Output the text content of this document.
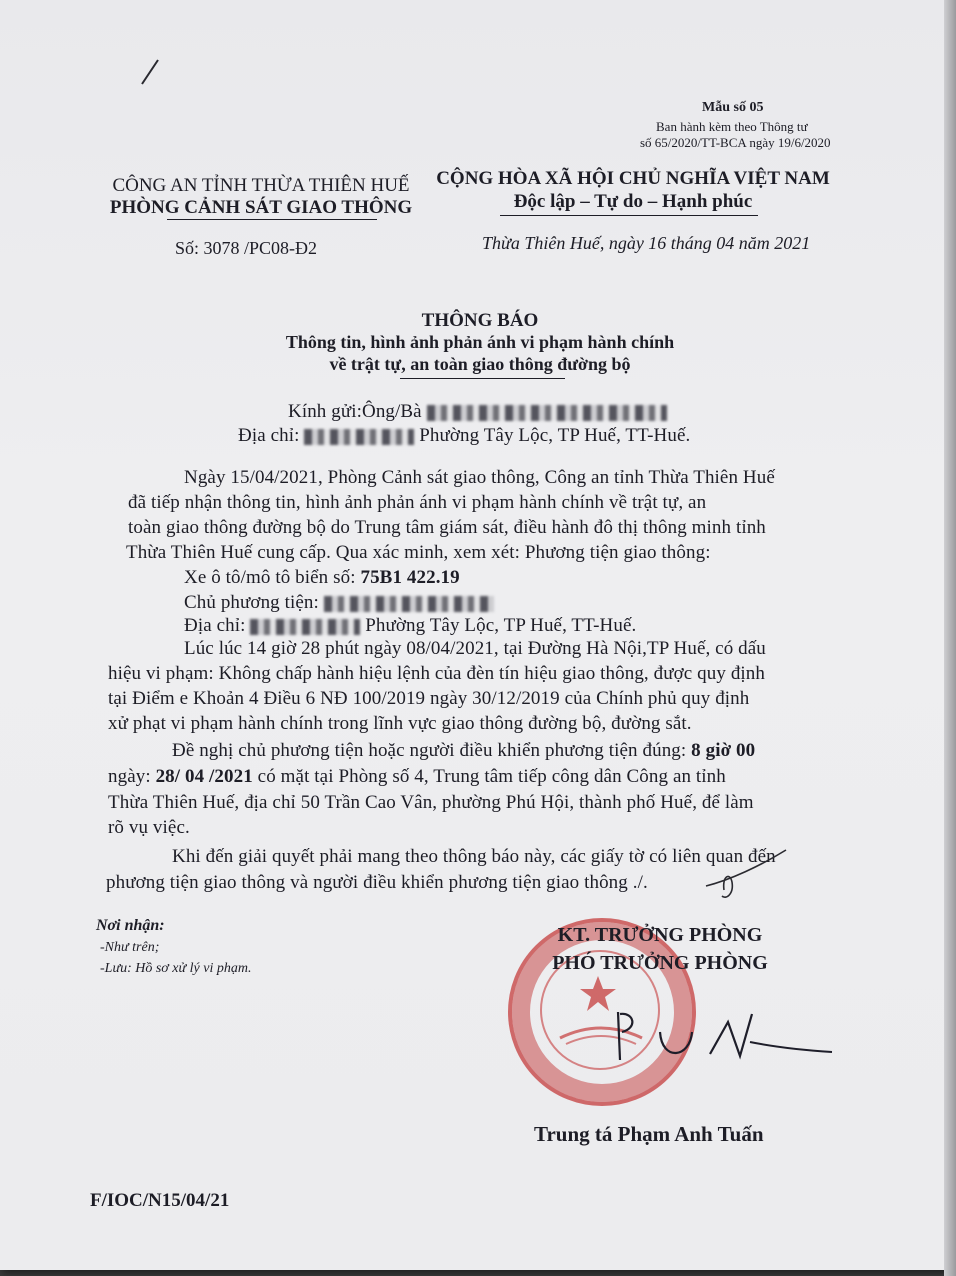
Mẫu số 05
Ban hành kèm theo Thông tư
số 65/2020/TT-BCA ngày 19/6/2020
CÔNG AN TỈNH THỪA THIÊN HUẾ
PHÒNG CẢNH SÁT GIAO THÔNG
Số: 3078 /PC08-Đ2
CỘNG HÒA XÃ HỘI CHỦ NGHĨA VIỆT NAM
Độc lập – Tự do – Hạnh phúc
Thừa Thiên Huế, ngày 16 tháng 04 năm 2021
THÔNG BÁO
Thông tin, hình ảnh phản ánh vi phạm hành chính
về trật tự, an toàn giao thông đường bộ
Kính gửi:Ông/Bà
Địa chỉ:	Phường Tây Lộc, TP Huế, TT-Huế.
Ngày 15/04/2021, Phòng Cảnh sát giao thông, Công an tỉnh Thừa Thiên Huế
đã tiếp nhận thông tin, hình ảnh phản ánh vi phạm hành chính về trật tự, an
toàn giao thông đường bộ do Trung tâm giám sát, điều hành đô thị thông minh tỉnh
Thừa Thiên Huế cung cấp. Qua xác minh, xem xét: Phương tiện giao thông:
Xe ô tô/mô tô biển số: 75B1 422.19
Chủ phương tiện:
Địa chỉ:	Phường Tây Lộc, TP Huế, TT-Huế.
Lúc lúc 14 giờ 28 phút ngày 08/04/2021, tại Đường Hà Nội,TP Huế, có dấu
hiệu vi phạm: Không chấp hành hiệu lệnh của đèn tín hiệu giao thông, được quy định
tại Điểm e Khoản 4 Điều 6 NĐ 100/2019 ngày 30/12/2019 của Chính phủ quy định
xử phạt vi phạm hành chính trong lĩnh vực giao thông đường bộ, đường sắt.
Đề nghị chủ phương tiện hoặc người điều khiển phương tiện đúng: 8 giờ 00
ngày: 28/ 04 /2021 có mặt tại Phòng số 4, Trung tâm tiếp công dân Công an tỉnh
Thừa Thiên Huế, địa chỉ 50 Trần Cao Vân, phường Phú Hội, thành phố Huế, để làm
rõ vụ việc.
Khi đến giải quyết phải mang theo thông báo này, các giấy tờ có liên quan đến
phương tiện giao thông và người điều khiển phương tiện giao thông ./.
Nơi nhận:
-Như trên;
-Lưu: Hồ sơ xử lý vi phạm.
KT. TRƯỞNG PHÒNG
PHÓ TRƯỞNG PHÒNG
Trung tá Phạm Anh Tuấn
F/IOC/N15/04/21
